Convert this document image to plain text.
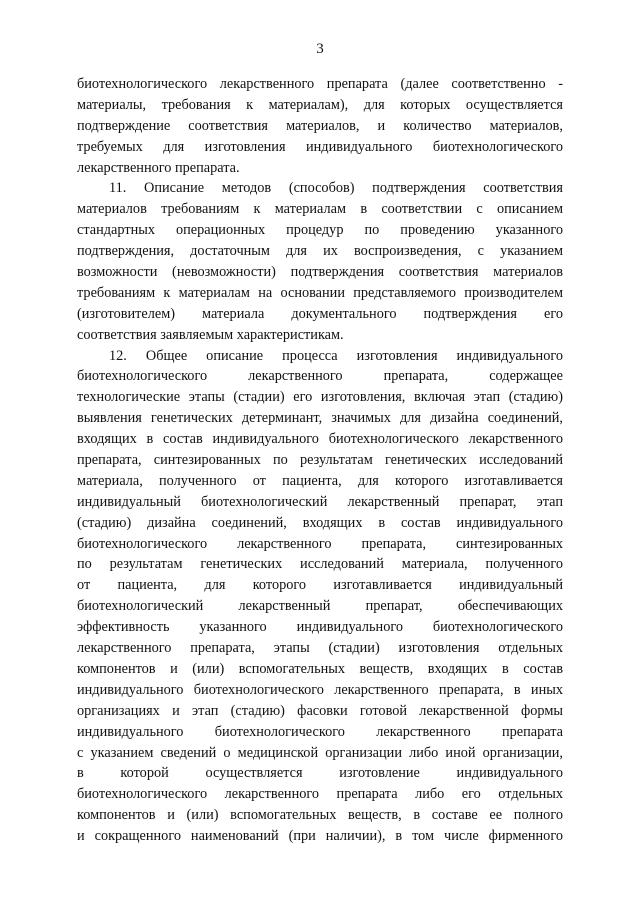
3
биотехнологического лекарственного препарата (далее соответственно -
материалы, требования к материалам), для которых осуществляется
подтверждение соответствия материалов, и количество материалов,
требуемых для изготовления индивидуального биотехнологического
лекарственного препарата.
11. Описание методов (способов) подтверждения соответствия
материалов требованиям к материалам в соответствии с описанием
стандартных операционных процедур по проведению указанного
подтверждения, достаточным для их воспроизведения, с указанием
возможности (невозможности) подтверждения соответствия материалов
требованиям к материалам на основании представляемого производителем
(изготовителем) материала документального подтверждения его
соответствия заявляемым характеристикам.
12. Общее описание процесса изготовления индивидуального
биотехнологического лекарственного препарата, содержащее
технологические этапы (стадии) его изготовления, включая этап (стадию)
выявления генетических детерминант, значимых для дизайна соединений,
входящих в состав индивидуального биотехнологического лекарственного
препарата, синтезированных по результатам генетических исследований
материала, полученного от пациента, для которого изготавливается
индивидуальный биотехнологический лекарственный препарат, этап
(стадию) дизайна соединений, входящих в состав индивидуального
биотехнологического лекарственного препарата, синтезированных
по результатам генетических исследований материала, полученного
от пациента, для которого изготавливается индивидуальный
биотехнологический лекарственный препарат, обеспечивающих
эффективность указанного индивидуального биотехнологического
лекарственного препарата, этапы (стадии) изготовления отдельных
компонентов и (или) вспомогательных веществ, входящих в состав
индивидуального биотехнологического лекарственного препарата, в иных
организациях и этап (стадию) фасовки готовой лекарственной формы
индивидуального биотехнологического лекарственного препарата
с указанием сведений о медицинской организации либо иной организации,
в которой осуществляется изготовление индивидуального
биотехнологического лекарственного препарата либо его отдельных
компонентов и (или) вспомогательных веществ, в составе ее полного
и сокращенного наименований (при наличии), в том числе фирменного
